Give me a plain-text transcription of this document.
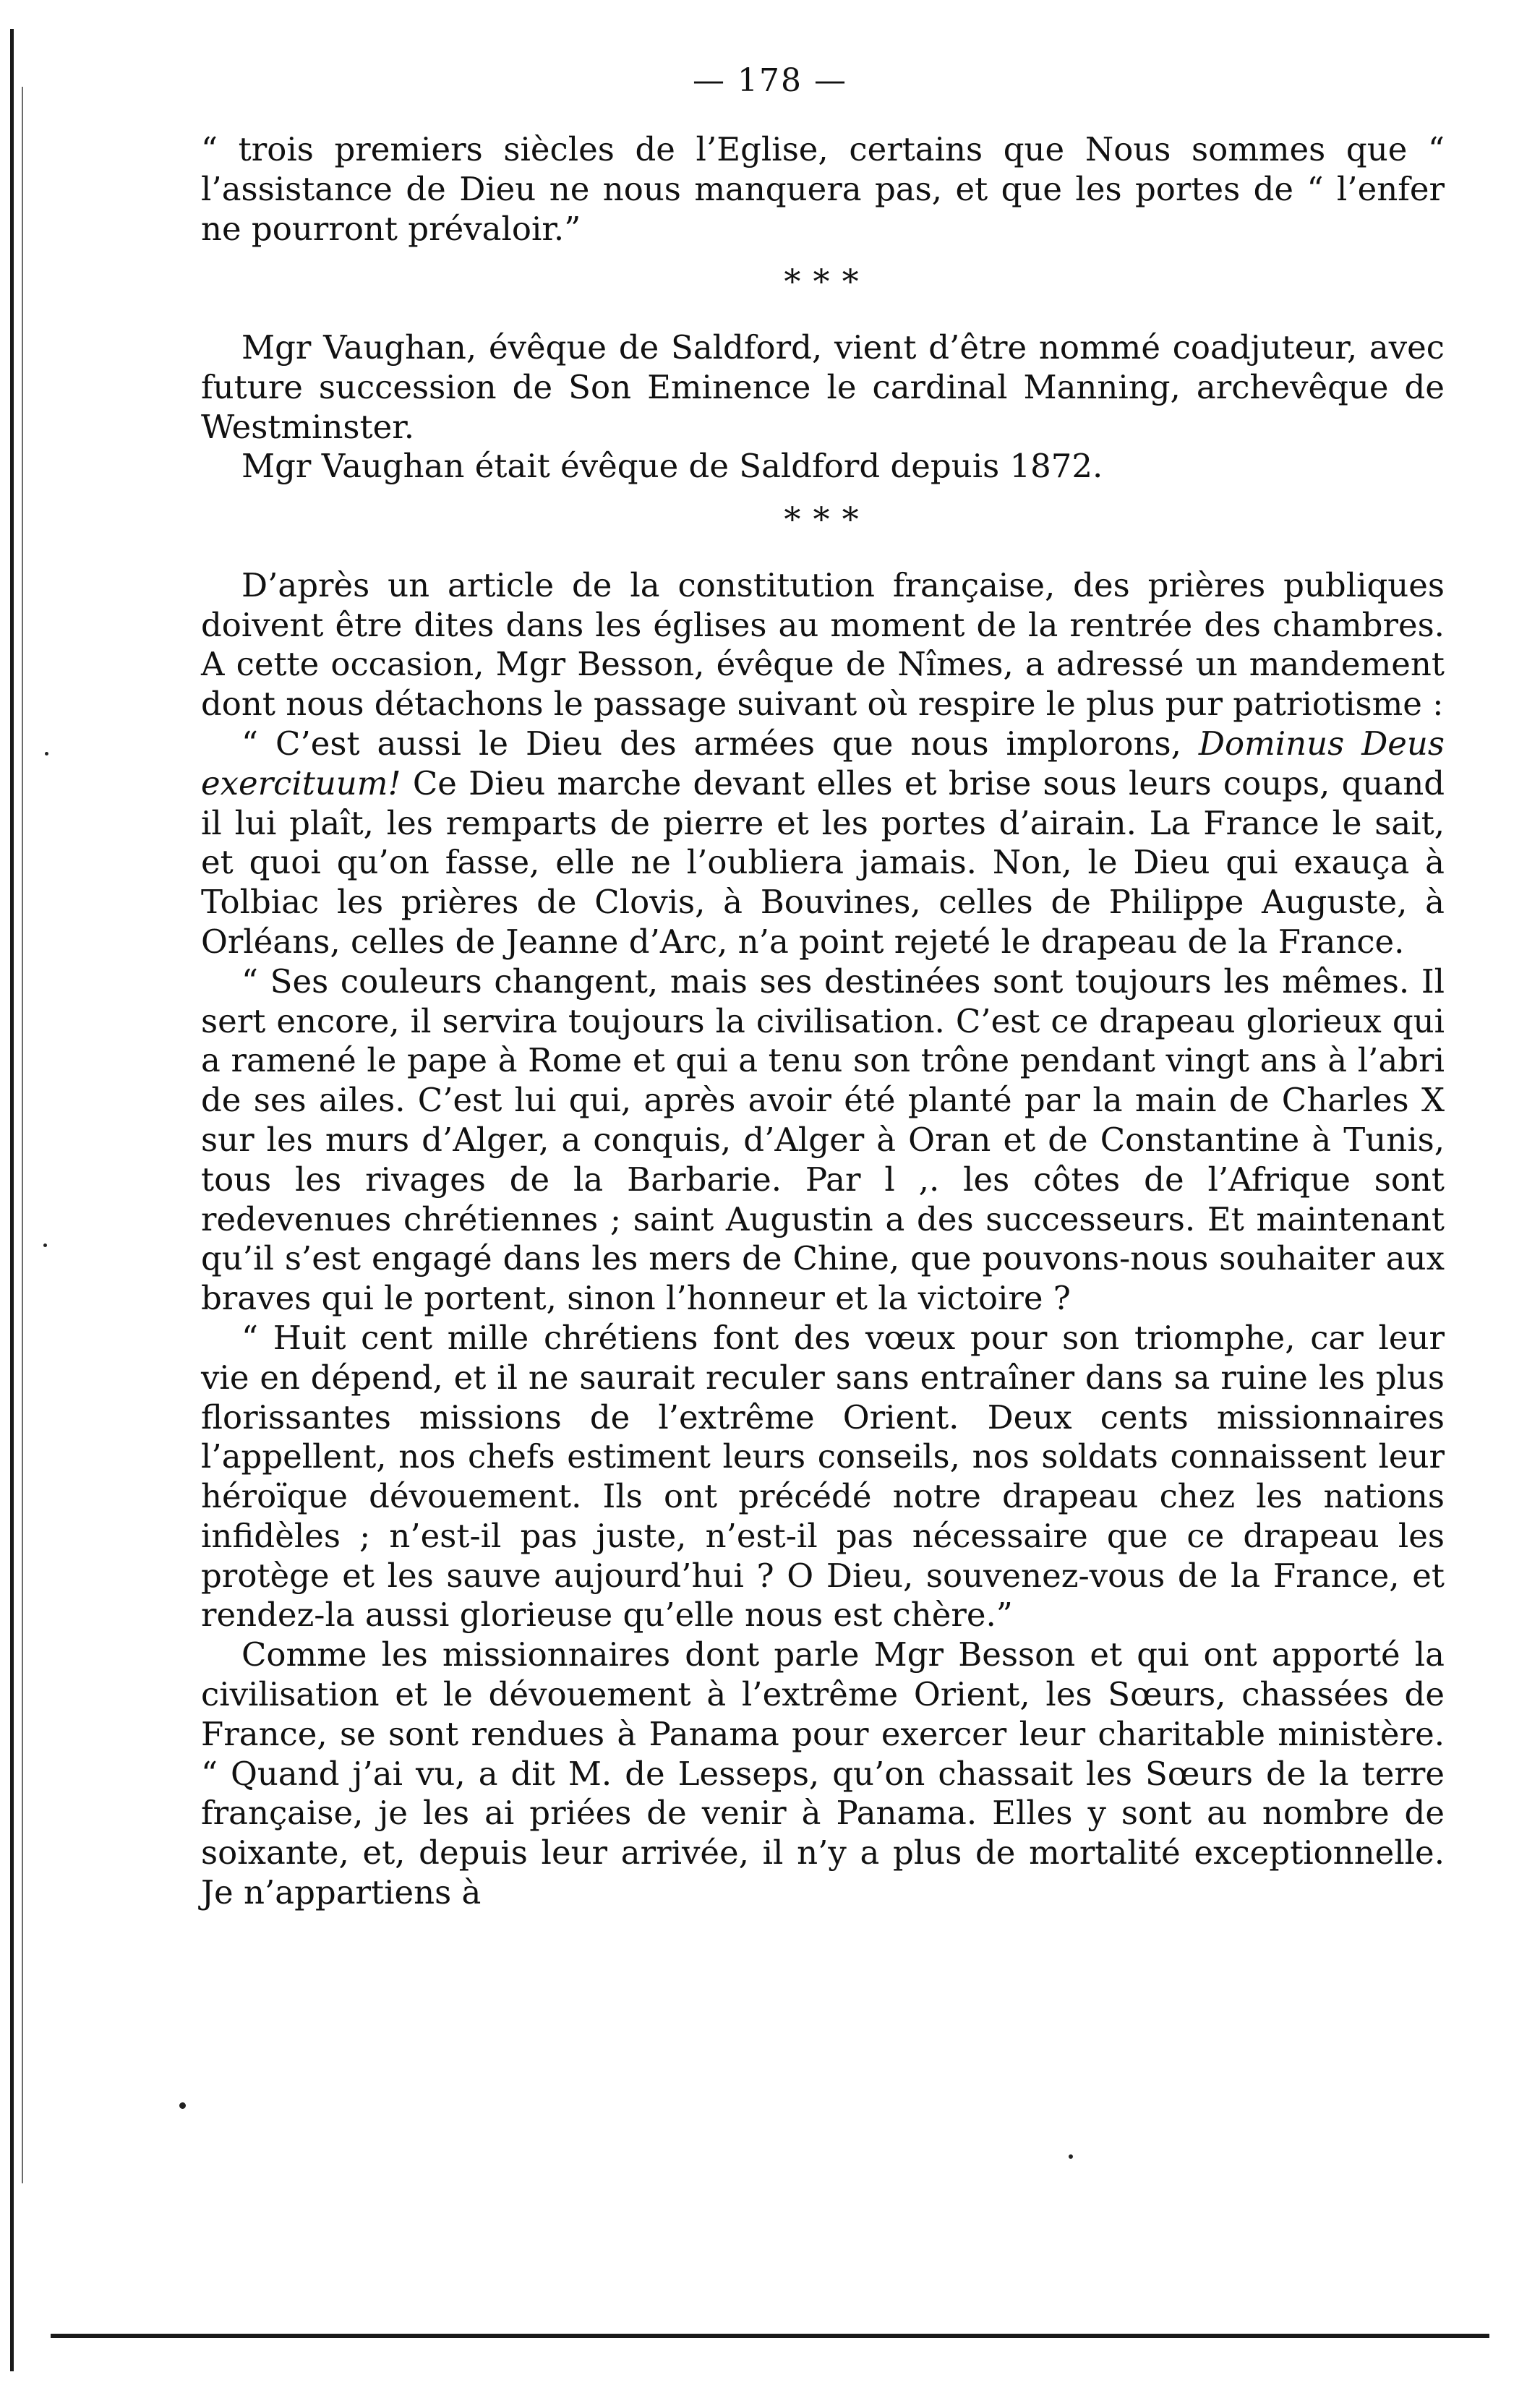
— 178 —

“ trois premiers siècles de l’Eglise, certains que Nous sommes que “ l’assistance de Dieu ne nous manquera pas, et que les portes de “ l’enfer ne pourront prévaloir.”

* * *

Mgr Vaughan, évêque de Saldford, vient d’être nommé coadjuteur, avec future succession de Son Eminence le cardinal Manning, archevêque de Westminster.

Mgr Vaughan était évêque de Saldford depuis 1872.

* * *

D’après un article de la constitution française, des prières publiques doivent être dites dans les églises au moment de la rentrée des chambres. A cette occasion, Mgr Besson, évêque de Nîmes, a adressé un mandement dont nous détachons le passage suivant où respire le plus pur patriotisme :

“ C’est aussi le Dieu des armées que nous implorons, Dominus Deus exercituum! Ce Dieu marche devant elles et brise sous leurs coups, quand il lui plaît, les remparts de pierre et les portes d’airain. La France le sait, et quoi qu’on fasse, elle ne l’oubliera jamais. Non, le Dieu qui exauça à Tolbiac les prières de Clovis, à Bouvines, celles de Philippe Auguste, à Orléans, celles de Jeanne d’Arc, n’a point rejeté le drapeau de la France.

“ Ses couleurs changent, mais ses destinées sont toujours les mêmes. Il sert encore, il servira toujours la civilisation. C’est ce drapeau glorieux qui a ramené le pape à Rome et qui a tenu son trône pendant vingt ans à l’abri de ses ailes. C’est lui qui, après avoir été planté par la main de Charles X sur les murs d’Alger, a conquis, d’Alger à Oran et de Constantine à Tunis, tous les rivages de la Barbarie. Par l ,. les côtes de l’Afrique sont redevenues chrétiennes ; saint Augustin a des successeurs. Et maintenant qu’il s’est engagé dans les mers de Chine, que pouvons-nous souhaiter aux braves qui le portent, sinon l’honneur et la victoire ?

“ Huit cent mille chrétiens font des vœux pour son triomphe, car leur vie en dépend, et il ne saurait reculer sans entraîner dans sa ruine les plus florissantes missions de l’extrême Orient. Deux cents missionnaires l’appellent, nos chefs estiment leurs conseils, nos soldats connaissent leur héroïque dévouement. Ils ont précédé notre drapeau chez les nations infidèles ; n’est-il pas juste, n’est-il pas nécessaire que ce drapeau les protège et les sauve aujourd’hui ? O Dieu, souvenez-vous de la France, et rendez-la aussi glorieuse qu’elle nous est chère.”

Comme les missionnaires dont parle Mgr Besson et qui ont apporté la civilisation et le dévouement à l’extrême Orient, les Sœurs, chassées de France, se sont rendues à Panama pour exercer leur charitable ministère. “ Quand j’ai vu, a dit M. de Lesseps, qu’on chassait les Sœurs de la terre française, je les ai priées de venir à Panama. Elles y sont au nombre de soixante, et, depuis leur arrivée, il n’y a plus de mortalité exceptionnelle. Je n’appartiens à
